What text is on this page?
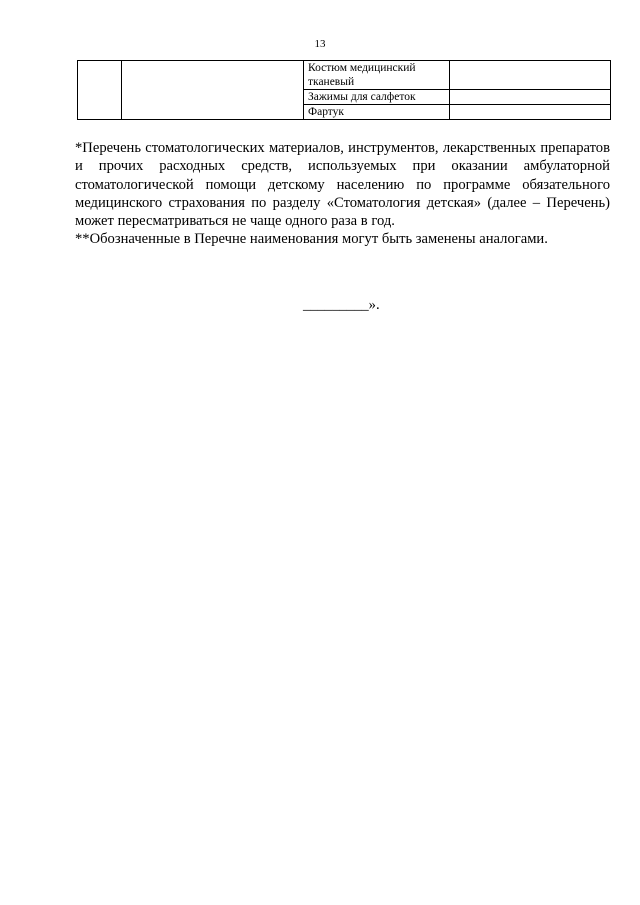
13
		Костюм медицинский тканевый	
		Зажимы для салфеток	
		Фартук	

*Перечень стоматологических материалов, инструментов, лекарственных препаратов и прочих расходных средств, используемых при оказании амбулаторной стоматологической помощи детскому населению по программе обязательного медицинского страхования по разделу «Стоматология детская» (далее – Перечень) может пересматриваться не чаще одного раза в год.

**Обозначенные в Перечне наименования могут быть заменены аналогами.

_________».
